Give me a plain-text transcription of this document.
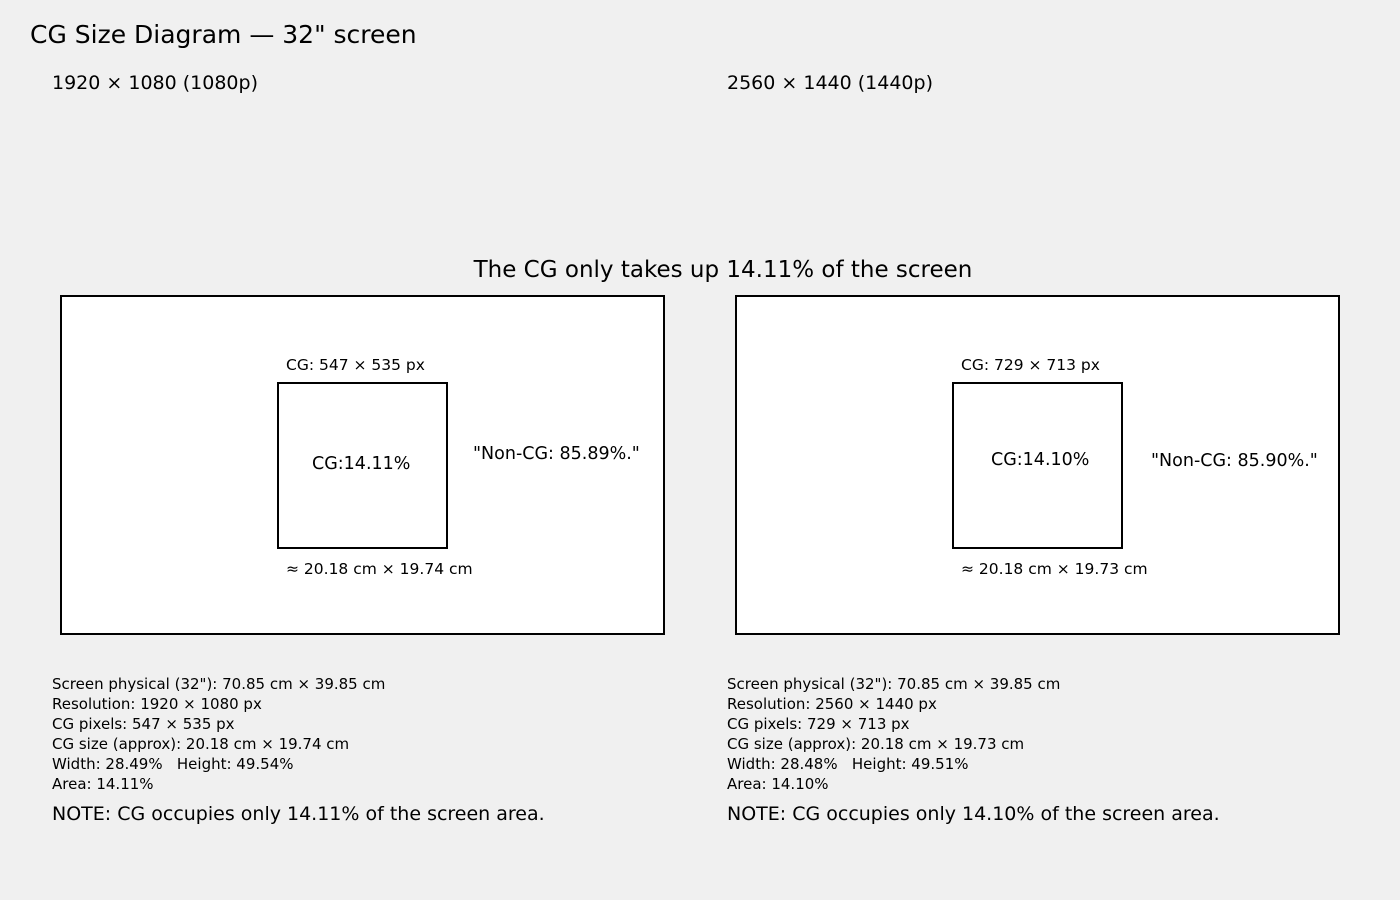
CG Size Diagram — 32" screen
1920 × 1080 (1080p)	2560 × 1440 (1440p)
The CG only takes up 14.11% of the screen
CG: 547 × 535 px
CG:14.11%
≈ 20.18 cm × 19.74 cm
"Non-CG: 85.89%."
CG: 729 × 713 px
CG:14.10%
≈ 20.18 cm × 19.73 cm
"Non-CG: 85.90%."
Screen physical (32"): 70.85 cm × 39.85 cm
Resolution: 1920 × 1080 px
CG pixels: 547 × 535 px
CG size (approx): 20.18 cm × 19.74 cm
Width: 28.49%   Height: 49.54%
Area: 14.11%
NOTE: CG occupies only 14.11% of the screen area.
Screen physical (32"): 70.85 cm × 39.85 cm
Resolution: 2560 × 1440 px
CG pixels: 729 × 713 px
CG size (approx): 20.18 cm × 19.73 cm
Width: 28.48%   Height: 49.51%
Area: 14.10%
NOTE: CG occupies only 14.10% of the screen area.
